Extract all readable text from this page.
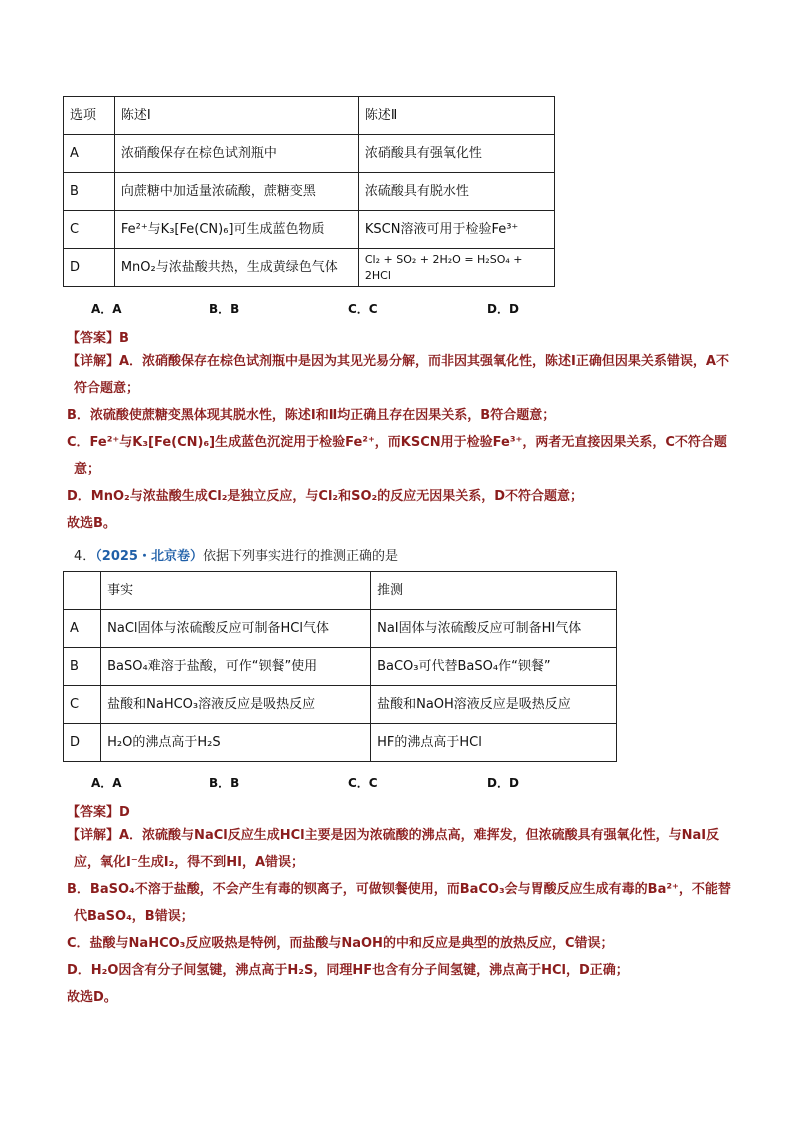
选项	陈述Ⅰ	陈述Ⅱ
A	浓硝酸保存在棕色试剂瓶中	浓硝酸具有强氧化性
B	向蔗糖中加适量浓硫酸，蔗糖变黑	浓硫酸具有脱水性
C	Fe²⁺与K₃[Fe(CN)₆]可生成蓝色物质	KSCN溶液可用于检验Fe³⁺
D	MnO₂与浓盐酸共热，生成黄绿色气体	Cl₂ + SO₂ + 2H₂O = H₂SO₄ + 2HCl
A．A	B．B	C．C	D．D
【答案】B

【详解】A．浓硝酸保存在棕色试剂瓶中是因为其见光易分解，而非因其强氧化性，陈述Ⅰ正确但因果关系错误，A不符合题意；

B．浓硫酸使蔗糖变黑体现其脱水性，陈述Ⅰ和Ⅱ均正确且存在因果关系，B符合题意；

C．Fe²⁺与K₃[Fe(CN)₆]生成蓝色沉淀用于检验Fe²⁺，而KSCN用于检验Fe³⁺，两者无直接因果关系，C不符合题意；

D．MnO₂与浓盐酸生成Cl₂是独立反应，与Cl₂和SO₂的反应无因果关系，D不符合题意；

故选B。

4．（2025・北京卷）依据下列事实进行的推测正确的是
	事实	推测
A	NaCl固体与浓硫酸反应可制备HCl气体	NaI固体与浓硫酸反应可制备HI气体
B	BaSO₄难溶于盐酸，可作“钡餐”使用	BaCO₃可代替BaSO₄作“钡餐”
C	盐酸和NaHCO₃溶液反应是吸热反应	盐酸和NaOH溶液反应是吸热反应
D	H₂O的沸点高于H₂S	HF的沸点高于HCl
A．A	B．B	C．C	D．D
【答案】D

【详解】A．浓硫酸与NaCl反应生成HCl主要是因为浓硫酸的沸点高，难挥发，但浓硫酸具有强氧化性，与NaI反应，氧化I⁻生成I₂，得不到HI，A错误；

B．BaSO₄不溶于盐酸，不会产生有毒的钡离子，可做钡餐使用，而BaCO₃会与胃酸反应生成有毒的Ba²⁺，不能替代BaSO₄，B错误；

C．盐酸与NaHCO₃反应吸热是特例，而盐酸与NaOH的中和反应是典型的放热反应，C错误；

D．H₂O因含有分子间氢键，沸点高于H₂S，同理HF也含有分子间氢键，沸点高于HCl，D正确；

故选D。
